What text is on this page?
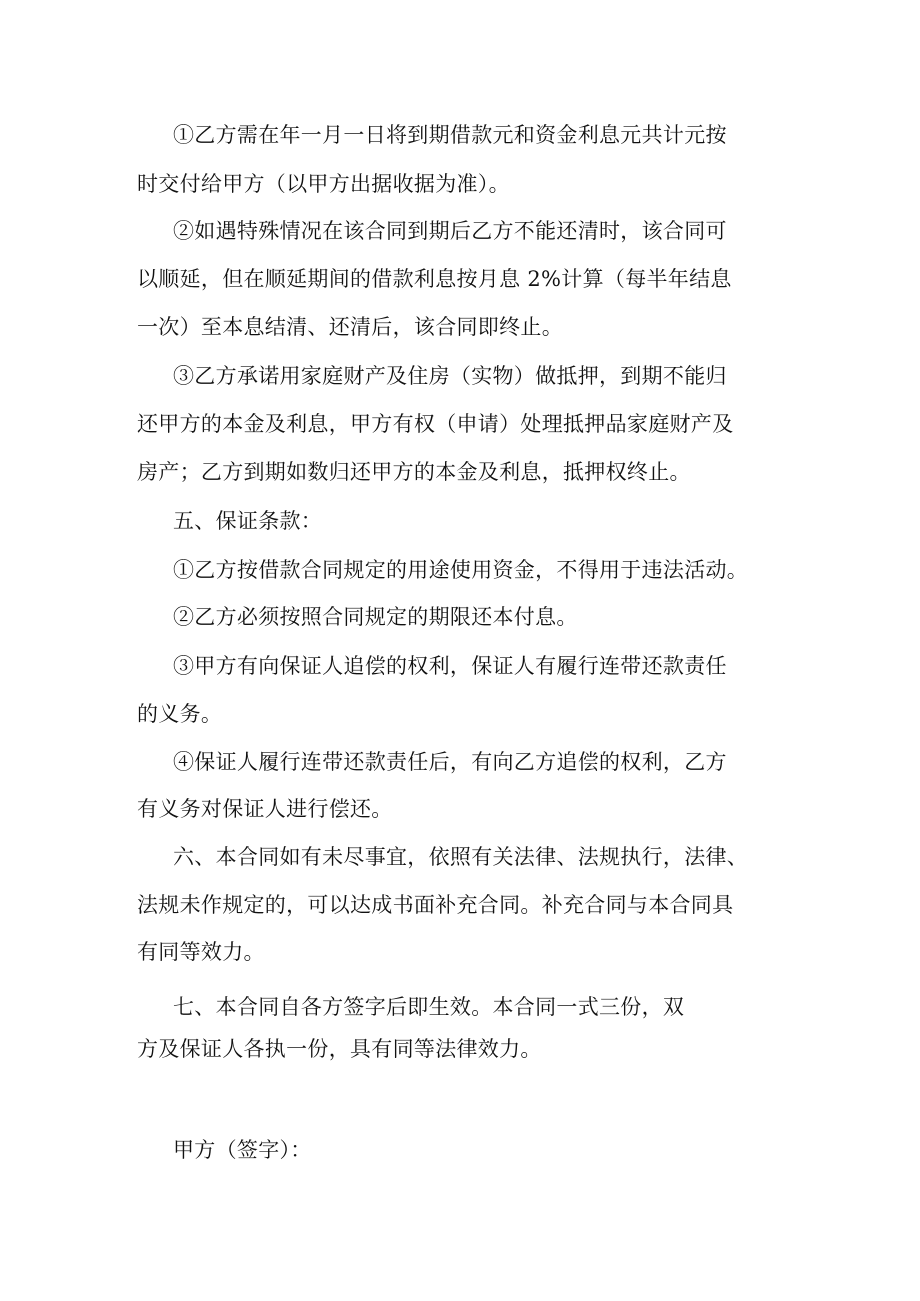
①乙方需在年一月一日将到期借款元和资金利息元共计元按
时交付给甲方（以甲方出据收据为准）。
②如遇特殊情况在该合同到期后乙方不能还清时，该合同可
以顺延，但在顺延期间的借款利息按月息 2%计算（每半年结息
一次）至本息结清、还清后，该合同即终止。
③乙方承诺用家庭财产及住房（实物）做抵押，到期不能归
还甲方的本金及利息，甲方有权（申请）处理抵押品家庭财产及
房产；乙方到期如数归还甲方的本金及利息，抵押权终止。
五、保证条款：
①乙方按借款合同规定的用途使用资金，不得用于违法活动。
②乙方必须按照合同规定的期限还本付息。
③甲方有向保证人追偿的权利，保证人有履行连带还款责任
的义务。
④保证人履行连带还款责任后，有向乙方追偿的权利，乙方
有义务对保证人进行偿还。
六、本合同如有未尽事宜，依照有关法律、法规执行，法律、
法规未作规定的，可以达成书面补充合同。补充合同与本合同具
有同等效力。
七、本合同自各方签字后即生效。本合同一式三份，双
方及保证人各执一份，具有同等法律效力。
甲方（签字）：
